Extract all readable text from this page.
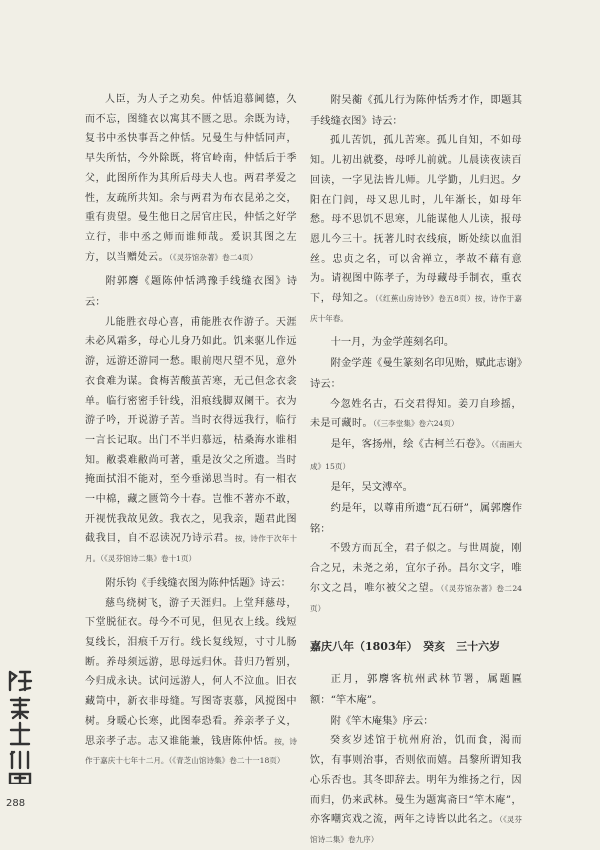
人臣，为人子之劝矣。仲恬追慕阃德，久而不忘，图缝衣以寓其不匮之思。余既为诗，复书中丞快事吾之仲恬。兄曼生与仲恬同声，早失所怙，今外除既，将官岭南，仲恬后于季父，此图所作为其所后母夫人也。两君孝爱之性，友疏所共知。余与两君为布衣昆弟之交，重有贵望。曼生他日之居官庄民，仲恬之好学立行，非中丞之师而谁师哉。爰识其图之左方，以当赠处云。（《灵芬馆杂著》卷二4页）

附郭麐《题陈仲恬鸿豫手线缝衣图》诗云：

儿能胜衣母心喜，甫能胜衣作游子。天涯未必风霜多，母心儿身乃如此。饥来驱儿作远游，远游还游同一愁。眼前咫尺望不见，意外衣食难为谋。食梅苦酸茧苦寒，无己但念衣衾单。临行密密手针线，泪痕线脚双阑干。衣为游子吟，开说游子苦。当时衣得远我行，临行一言长记取。出门不半归慕远，枯桑海水谁相知。敝裘难敝尚可著，重是汝父之所遗。当时掩面拭泪不能对，至今垂涕思当时。有一相衣一中棉，藏之匮笥今十春。岂惟不著亦不敢，开视恍我故见敛。我衣之，见我亲，题君此图截我目，自不忍读况乃诗示君。按，诗作于次年十月。（《灵芬馆诗二集》卷十1页）

附乐钧《手线缝衣图为陈仲恬题》诗云：

慈鸟绕树飞，游子天涯归。上堂拜慈母，下堂脱征衣。母今不可见，但见衣上线。线短复线长，泪痕千万行。线长复线短，寸寸儿肠断。养母须远游，思母远归休。昔归乃暂别，今归成永诀。试问远游人，何人不泣血。旧衣藏笥中，新衣非母缝。写图寄衷慕，风搅图中树。身暖心长寒，此图奉恐看。养亲孝子义，思亲孝子志。志又谁能兼，钱唐陈仲恬。按，诗作于嘉庆十七年十二月。（《青芝山馆诗集》卷二十一18页）

附吴蘅《孤儿行为陈仲恬秀才作，即题其手线缝衣图》诗云：

孤儿苦饥，孤儿苦寒。孤儿自知，不如母知。儿初出就婺，母呼儿前就。儿晨读夜读百回读，一字见法皆儿师。儿学勤，儿归迟。夕阳在门闾，母又思儿时，儿年渐长，如母年愁。母不思饥不思寒，儿能谋他人儿读，报母恩儿今三十。抚著儿时衣线痕，断处续以血泪丝。忠贞之名，可以舍禅立，孝故不藉有意为。请视图中陈孝子，为母藏母手制衣，重衣下，母知之。（《红蕉山房诗钞》卷五8页）按，诗作于嘉庆十年春。

十一月，为金学莲刻名印。

附金学莲《曼生篆刻名印见贻，赋此志谢》诗云：

今忽姓名古，石交君得知。姜刀自珍摇，未是可藏时。（《三李堂集》卷六24页）

是年，客扬州，绘《古柯兰石卷》。（《南画大成》15页）

是年，吴文溥卒。

约是年，以尊甫所遗“瓦石研”，属郭麐作铭：

不毁方而瓦全，君子似之。与世周旋，刚合之兄，未尧之弟，宜尔子孙。昌尔文字，唯尔文之昌，唯尔被父之望。（《灵芬馆杂著》卷二24页）

嘉庆八年（1803年）　癸亥　三十六岁

正月，郭麐客杭州武林节署，属题匾额：“竿木庵”。

附《竿木庵集》序云：

癸亥岁述馆于杭州府治，饥而食，渴而饮，有事则治事，否则依而嬉。昌黎所谓知我心乐否也。其冬即辞去。明年为维扬之行，因而归，仍来武林。曼生为题寓斋曰“竿木庵”，亦客嘲宾戏之流，两年之诗皆以此名之。（《灵芬馆诗二集》卷九序）

288
